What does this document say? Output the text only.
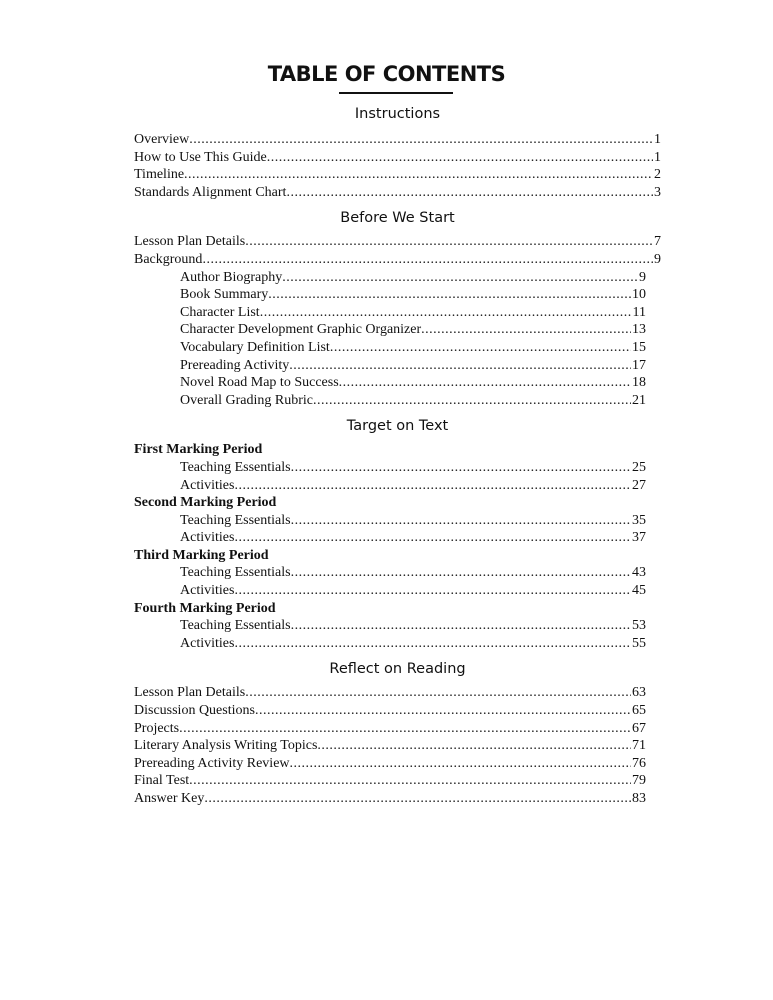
TABLE OF CONTENTS
Instructions
Overview .....	1
How to Use This Guide .....	1
Timeline .....	2
Standards Alignment Chart .....	3
Before We Start
Lesson Plan Details .....	7
Background .....	9
Author Biography .....	9
Book Summary .....	10
Character List .....	11
Character Development Graphic Organizer .....	13
Vocabulary Definition List .....	15
Prereading Activity .....	17
Novel Road Map to Success .....	18
Overall Grading Rubric .....	21
Target on Text
First Marking Period
Teaching Essentials .....	25
Activities .....	27
Second Marking Period
Teaching Essentials .....	35
Activities .....	37
Third Marking Period
Teaching Essentials .....	43
Activities .....	45
Fourth Marking Period
Teaching Essentials .....	53
Activities .....	55
Reflect on Reading
Lesson Plan Details .....	63
Discussion Questions .....	65
Projects .....	67
Literary Analysis Writing Topics .....	71
Prereading Activity Review .....	76
Final Test .....	79
Answer Key .....	83
